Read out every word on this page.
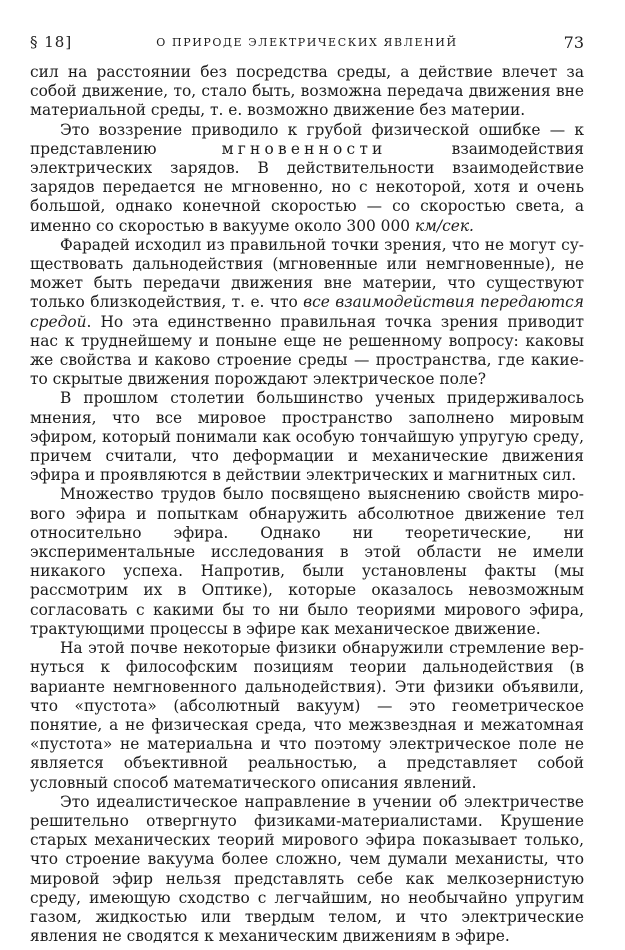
§ 18]	О ПРИРОДЕ ЭЛЕКТРИЧЕСКИХ ЯВЛЕНИЙ	73

сил на расстоянии без посредства среды, а действие влечет за собой движение, то, стало быть, возможна передача движения вне материальной среды, т. е. возможно движение без материи.

Это воззрение приводило к грубой физической ошибке — к представлению мгновенности взаимодействия электрических зарядов. В действительности взаимодействие зарядов передается не мгновенно, но с некоторой, хотя и очень большой, однако конечной скоростью — со скоростью света, а именно со скоростью в вакууме около 300 000 км/сек.

Фарадей исходил из правильной точки зрения, что не могут существовать дальнодействия (мгновенные или немгновенные), не может быть передачи движения вне материи, что существуют только близкодействия, т. е. что все взаимодействия передаются средой. Но эта единственно правильная точка зрения приводит нас к труднейшему и поныне еще не решенному вопросу: каковы же свойства и каково строение среды — пространства, где какие-то скрытые движения порождают электрическое поле?

В прошлом столетии большинство ученых придерживалось мнения, что все мировое пространство заполнено мировым эфиром, который понимали как особую тончайшую упругую среду, причем считали, что деформации и механические движения эфира и проявляются в действии электрических и магнитных сил.

Множество трудов было посвящено выяснению свойств мирового эфира и попыткам обнаружить абсолютное движение тел относительно эфира. Однако ни теоретические, ни экспериментальные исследования в этой области не имели никакого успеха. Напротив, были установлены факты (мы рассмотрим их в Оптике), которые оказалось невозможным согласовать с какими бы то ни было теориями мирового эфира, трактующими процессы в эфире как механическое движение.

На этой почве некоторые физики обнаружили стремление вернуться к философским позициям теории дальнодействия (в варианте немгновенного дальнодействия). Эти физики объявили, что «пустота» (абсолютный вакуум) — это геометрическое понятие, а не физическая среда, что межзвездная и межатомная «пустота» не материальна и что поэтому электрическое поле не является объективной реальностью, а представляет собой условный способ математического описания явлений.

Это идеалистическое направление в учении об электричестве решительно отвергнуто физиками-материалистами. Крушение старых механических теорий мирового эфира показывает только, что строение вакуума более сложно, чем думали механисты, что мировой эфир нельзя представлять себе как мелкозернистую среду, имеющую сходство с легчайшим, но необычайно упругим газом, жидкостью или твердым телом, и что электрические явления не сводятся к механическим движениям в эфире.
